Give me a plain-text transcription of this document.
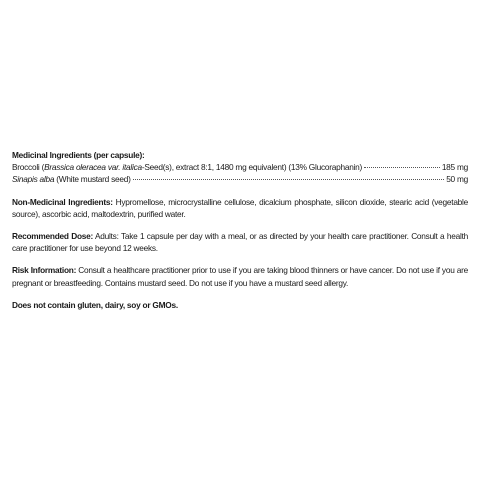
Medicinal Ingredients (per capsule):
Broccoli (Brassica oleracea var. italica-Seed(s), extract 8:1, 1480 mg equivalent) (13% Glucoraphanin)	185 mg
Sinapis alba (White mustard seed)	50 mg
Non-Medicinal Ingredients: Hypromellose, microcrystalline cellulose, dicalcium phosphate, silicon dioxide, stearic acid (vegetable source), ascorbic acid, maltodextrin, purified water.
Recommended Dose: Adults: Take 1 capsule per day with a meal, or as directed by your health care practitioner. Consult a health care practitioner for use beyond 12 weeks.
Risk Information: Consult a healthcare practitioner prior to use if you are taking blood thinners or have cancer. Do not use if you are pregnant or breastfeeding. Contains mustard seed. Do not use if you have a mustard seed allergy.
Does not contain gluten, dairy, soy or GMOs.
